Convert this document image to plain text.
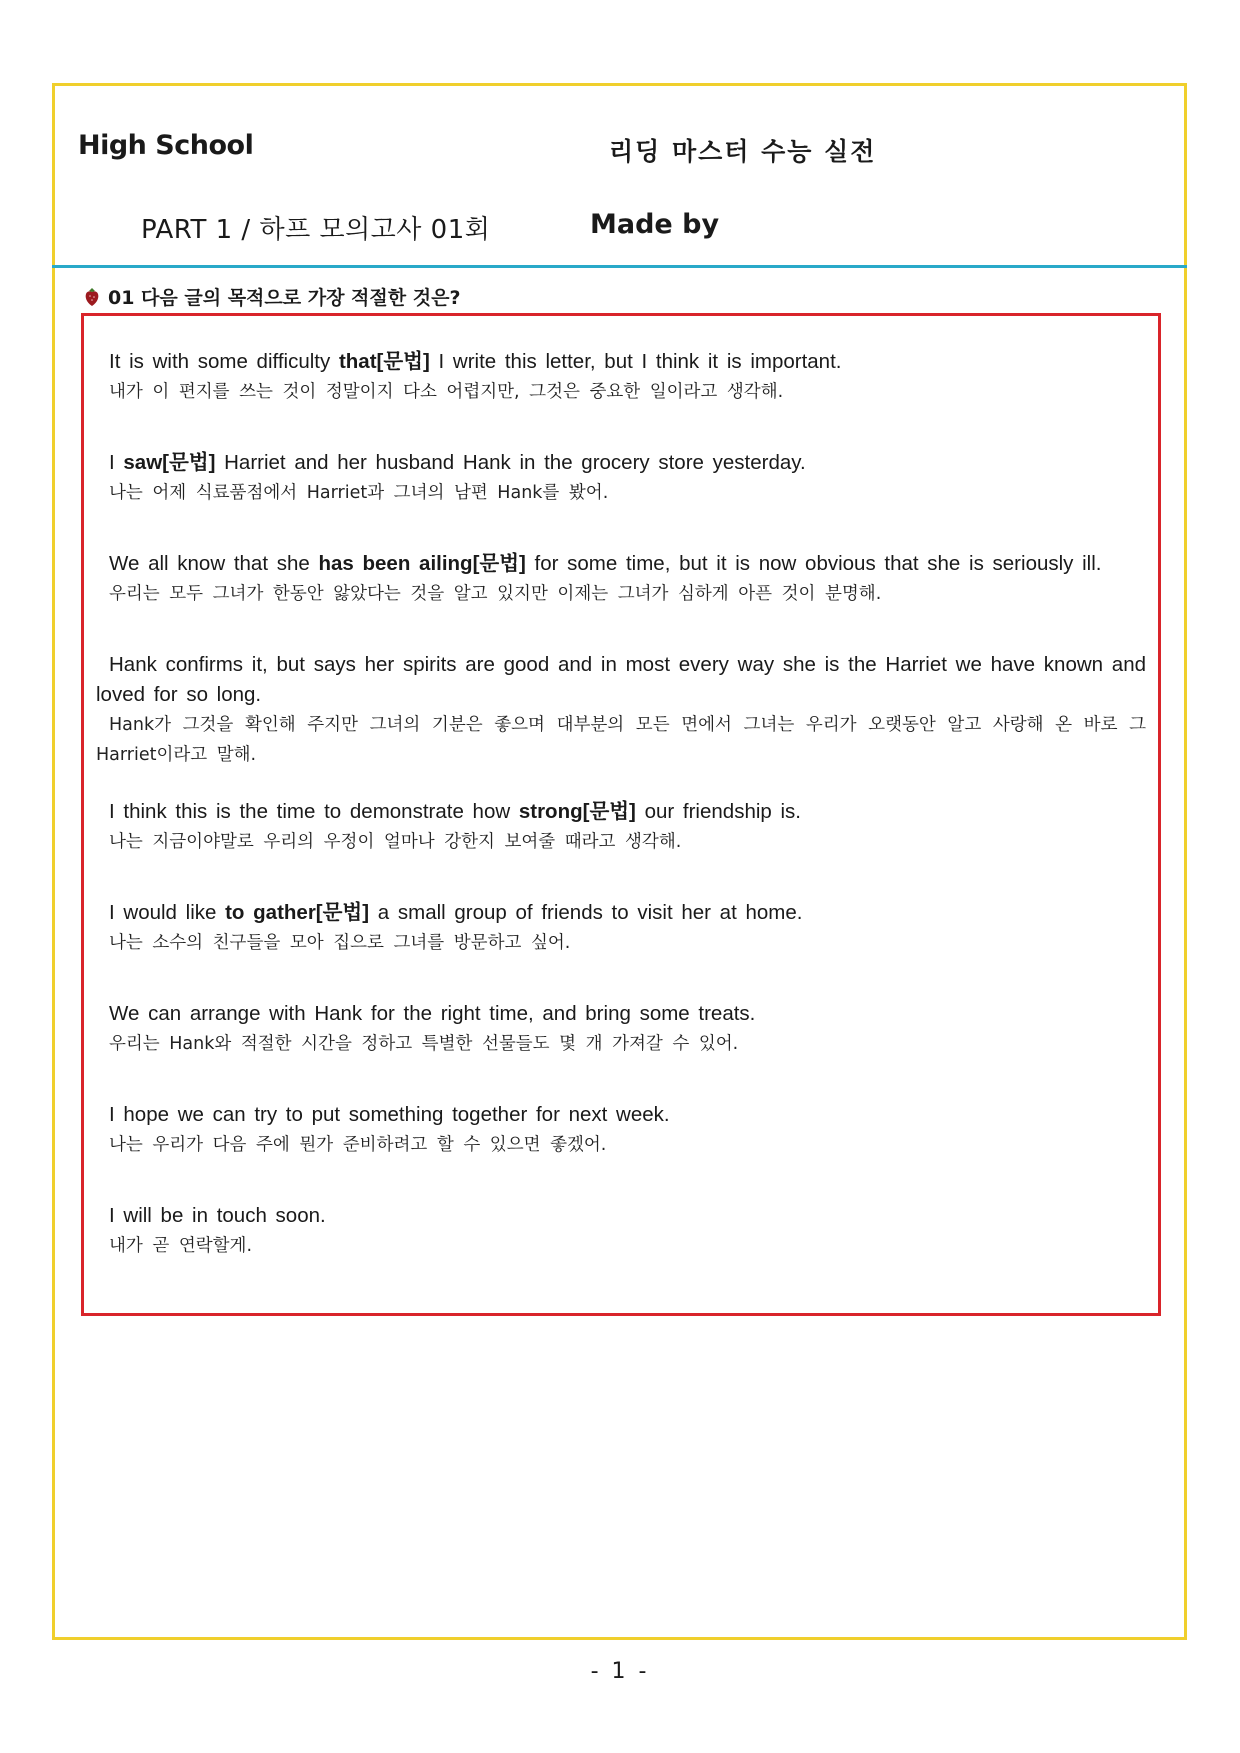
High School	리딩 마스터 수능 실전
PART 1 / 하프 모의고사 01회	Made by
01 다음 글의 목적으로 가장 적절한 것은?

It is with some difficulty that[문법] I write this letter, but I think it is important.

내가 이 편지를 쓰는 것이 정말이지 다소 어렵지만, 그것은 중요한 일이라고 생각해.

I saw[문법] Harriet and her husband Hank in the grocery store yesterday.

나는 어제 식료품점에서 Harriet과 그녀의 남편 Hank를 봤어.

We all know that she has been ailing[문법] for some time, but it is now obvious that she is seriously ill.

우리는 모두 그녀가 한동안 앓았다는 것을 알고 있지만 이제는 그녀가 심하게 아픈 것이 분명해.

Hank confirms it, but says her spirits are good and in most every way she is the Harriet we have known and loved for so long.

Hank가 그것을 확인해 주지만 그녀의 기분은 좋으며 대부분의 모든 면에서 그녀는 우리가 오랫동안 알고 사랑해 온 바로 그 Harriet이라고 말해.

I think this is the time to demonstrate how strong[문법] our friendship is.

나는 지금이야말로 우리의 우정이 얼마나 강한지 보여줄 때라고 생각해.

I would like to gather[문법] a small group of friends to visit her at home.

나는 소수의 친구들을 모아 집으로 그녀를 방문하고 싶어.

We can arrange with Hank for the right time, and bring some treats.

우리는 Hank와 적절한 시간을 정하고 특별한 선물들도 몇 개 가져갈 수 있어.

I hope we can try to put something together for next week.

나는 우리가 다음 주에 뭔가 준비하려고 할 수 있으면 좋겠어.

I will be in touch soon.

내가 곧 연락할게.

- 1 -
